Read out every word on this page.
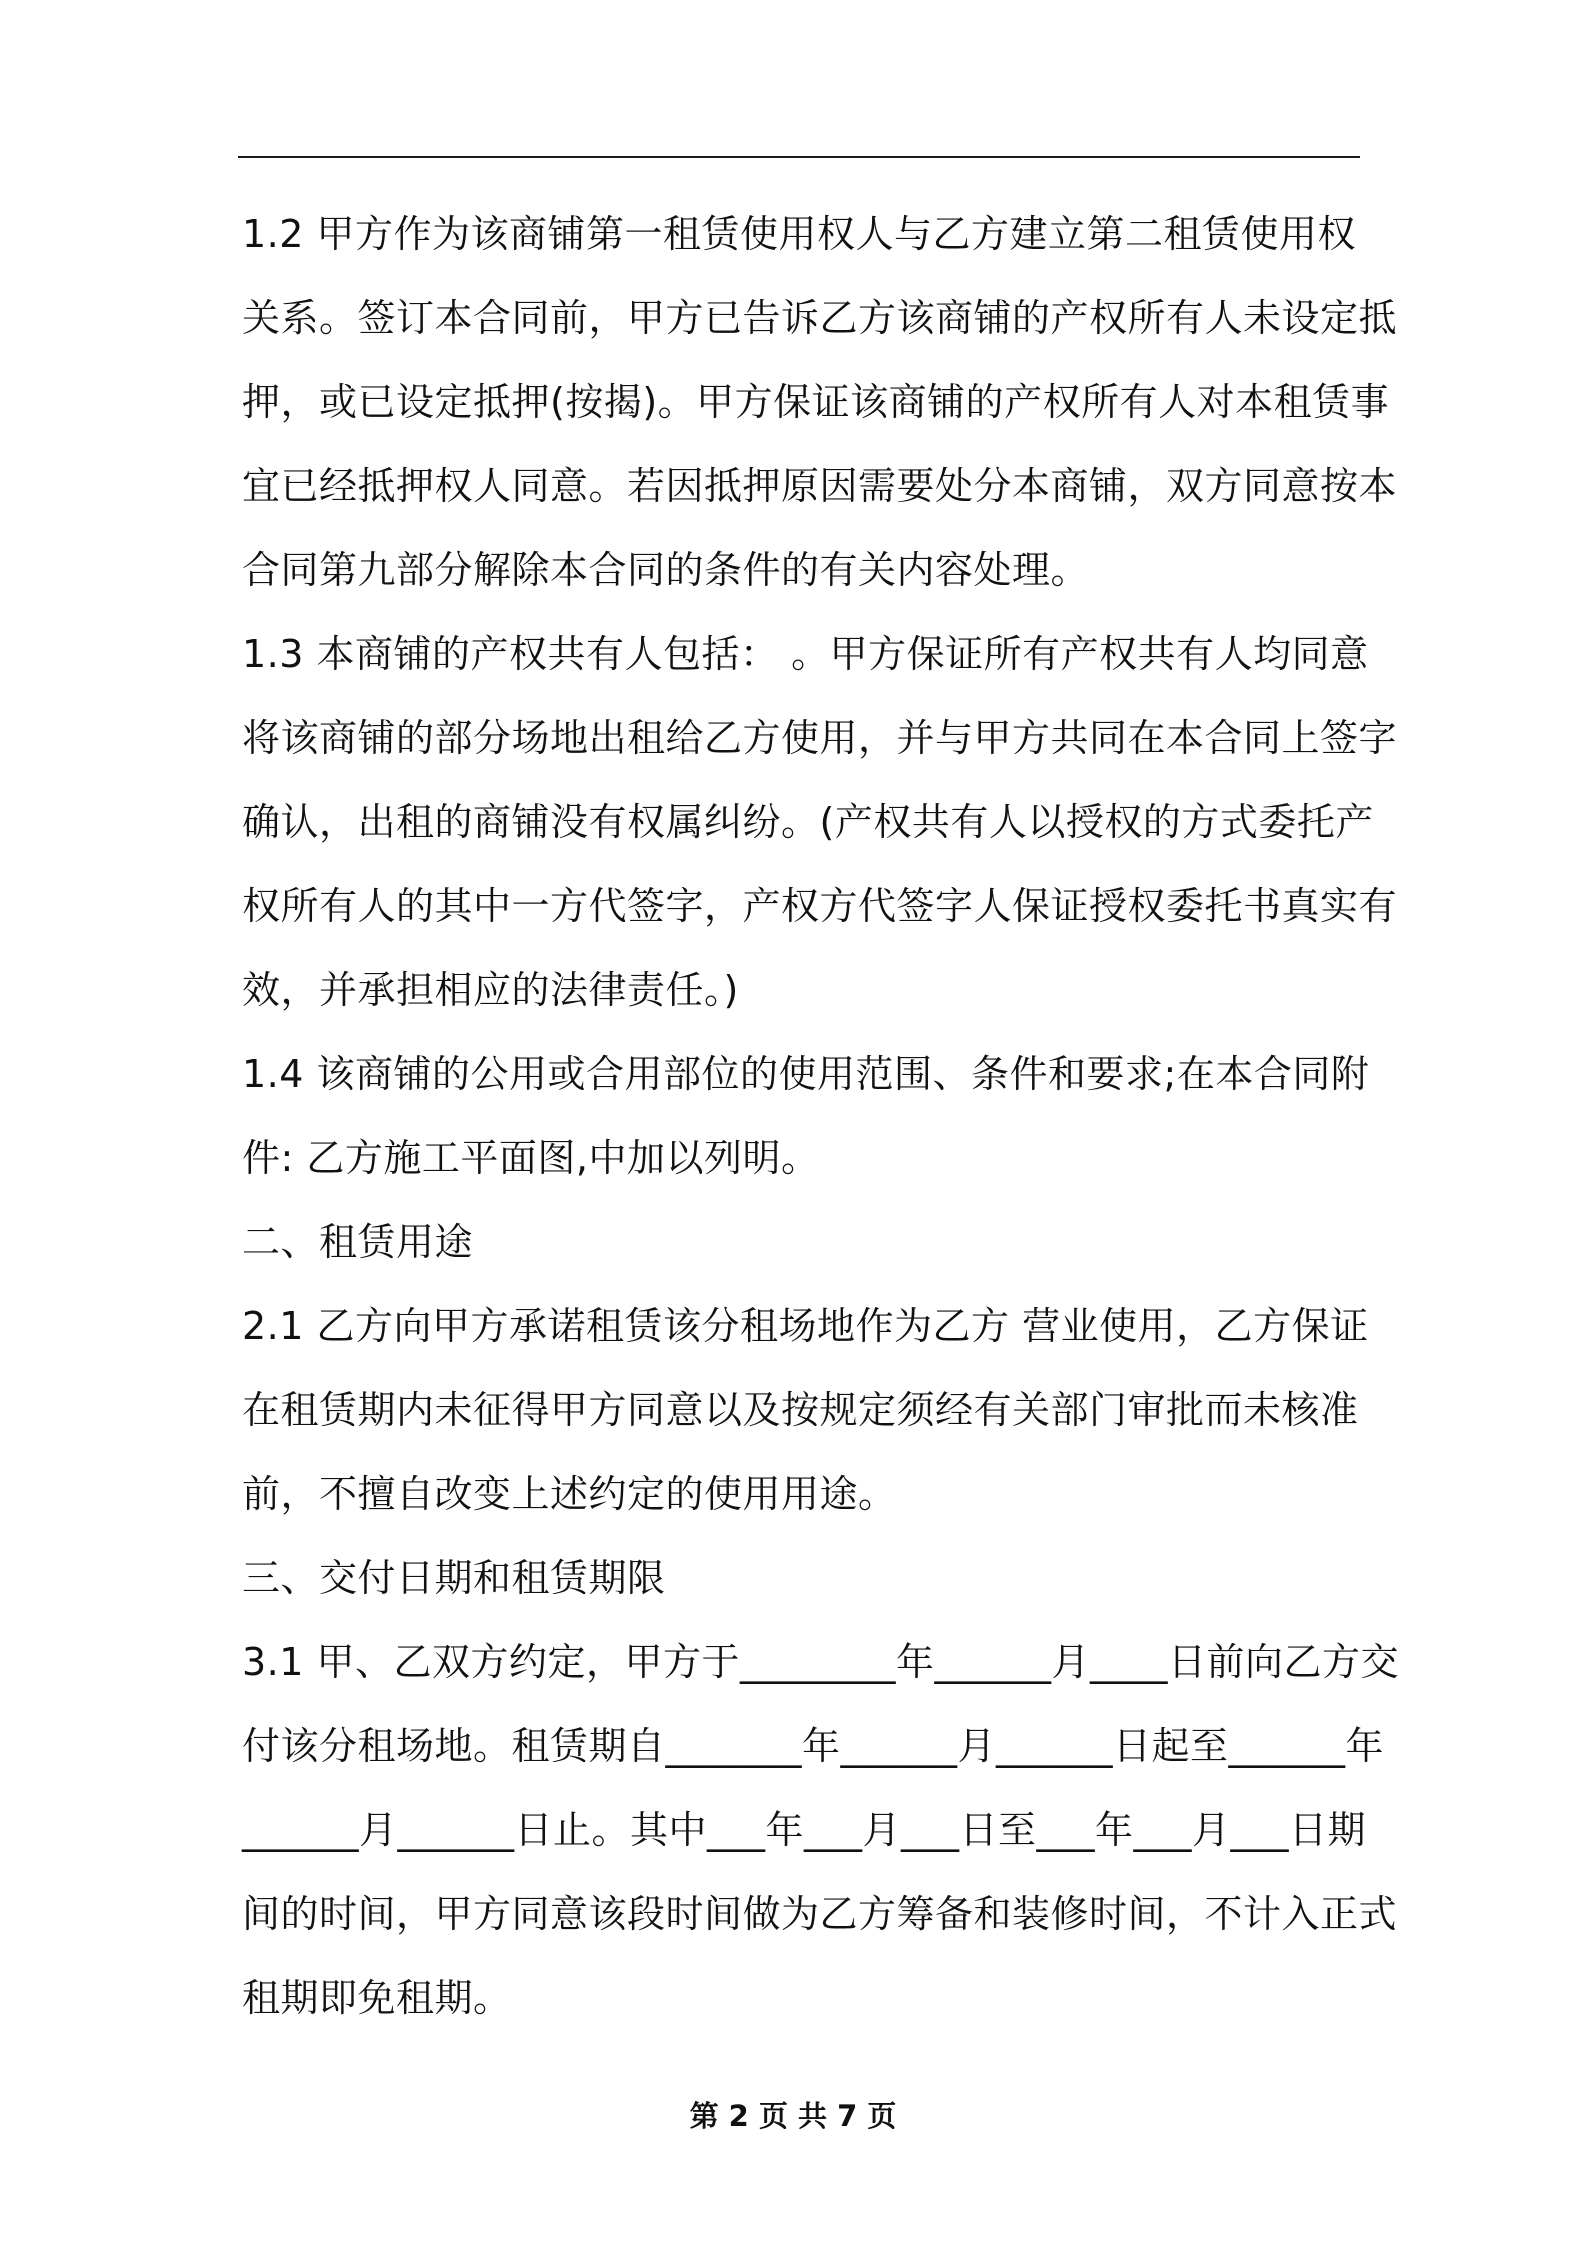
1.2 甲方作为该商铺第一租赁使用权人与乙方建立第二租赁使用权
关系。签订本合同前，甲方已告诉乙方该商铺的产权所有人未设定抵
押，或已设定抵押(按揭)。甲方保证该商铺的产权所有人对本租赁事
宜已经抵押权人同意。若因抵押原因需要处分本商铺，双方同意按本
合同第九部分解除本合同的条件的有关内容处理。
1.3 本商铺的产权共有人包括： 。甲方保证所有产权共有人均同意
将该商铺的部分场地出租给乙方使用，并与甲方共同在本合同上签字
确认，出租的商铺没有权属纠纷。(产权共有人以授权的方式委托产
权所有人的其中一方代签字，产权方代签字人保证授权委托书真实有
效，并承担相应的法律责任。)
1.4 该商铺的公用或合用部位的使用范围、条件和要求;在本合同附
件: 乙方施工平面图,中加以列明。
二、租赁用途
2.1 乙方向甲方承诺租赁该分租场地作为乙方 营业使用，乙方保证
在租赁期内未征得甲方同意以及按规定须经有关部门审批而未核准
前，不擅自改变上述约定的使用用途。
三、交付日期和租赁期限
3.1 甲、乙双方约定，甲方于________年______月____日前向乙方交
付该分租场地。租赁期自_______年______月______日起至______年
______月______日止。其中___年___月___日至___年___月___日期
间的时间，甲方同意该段时间做为乙方筹备和装修时间，不计入正式
租期即免租期。
第 2 页 共 7 页
